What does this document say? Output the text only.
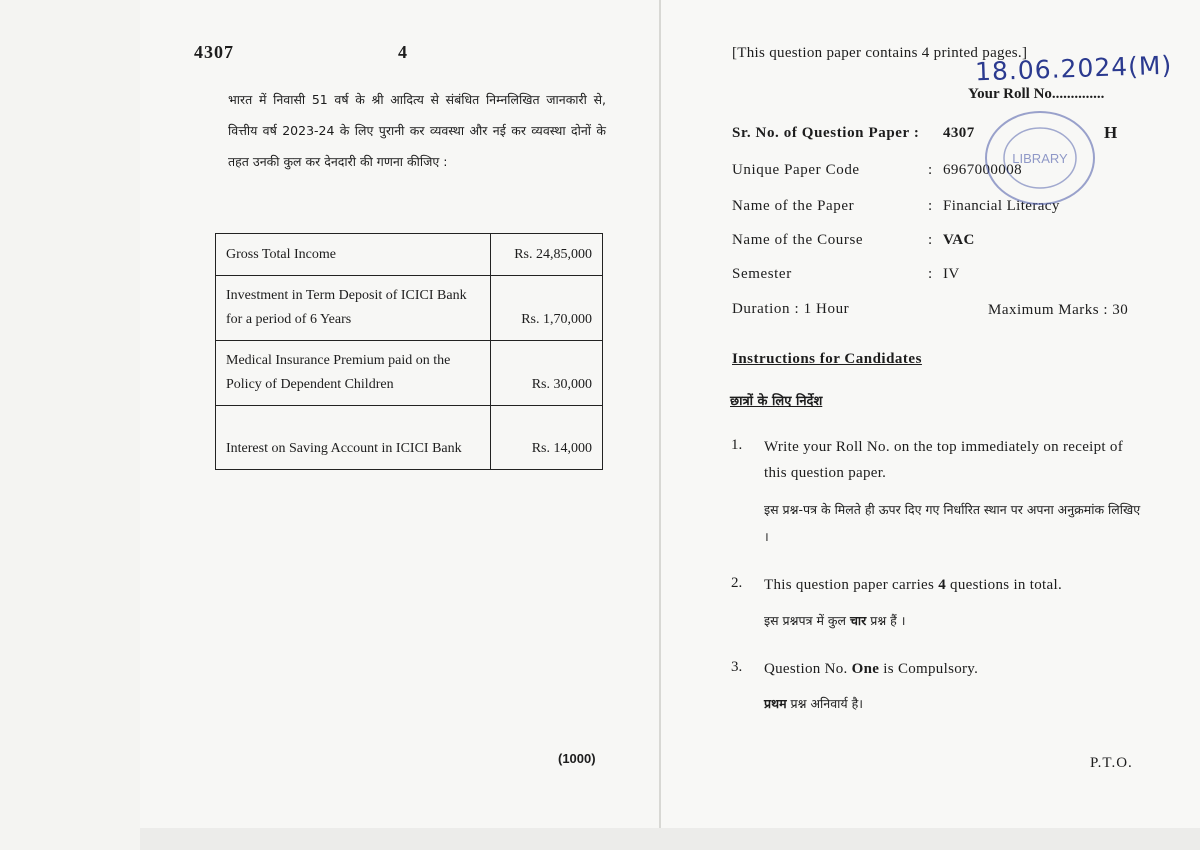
4307	4
भारत में निवासी 51 वर्ष के श्री आदित्य से संबंधित निम्नलिखित जानकारी से, वित्तीय वर्ष 2023-24 के लिए पुरानी कर व्यवस्था और नई कर व्यवस्था दोनों के तहत उनकी कुल कर देनदारी की गणना कीजिए :
Gross Total Income	Rs. 24,85,000
Investment in Term Deposit of ICICI Bank for a period of 6 Years	Rs. 1,70,000
Medical Insurance Premium paid on the Policy of Dependent Children	Rs. 30,000
Interest on Saving Account in ICICI Bank	Rs. 14,000
(1000)
[This question paper contains 4 printed pages.]
18.06.2024(M)
Your Roll No..............
Sr. No. of Question Paper : 4307	H
Unique Paper Code	: 6967000008
Name of the Paper	: Financial Literacy
Name of the Course	: VAC
Semester	: IV
Duration : 1 Hour	Maximum Marks : 30
Instructions for Candidates
छात्रों के लिए निर्देश
1. Write your Roll No. on the top immediately on receipt of this question paper.
इस प्रश्न-पत्र के मिलते ही ऊपर दिए गए निर्धारित स्थान पर अपना अनुक्रमांक लिखिए ।
2. This question paper carries 4 questions in total.
इस प्रश्नपत्र में कुल चार प्रश्न हैं ।
3. Question No. One is Compulsory.
प्रथम प्रश्न अनिवार्य है।
P.T.O.
LIBRARY
